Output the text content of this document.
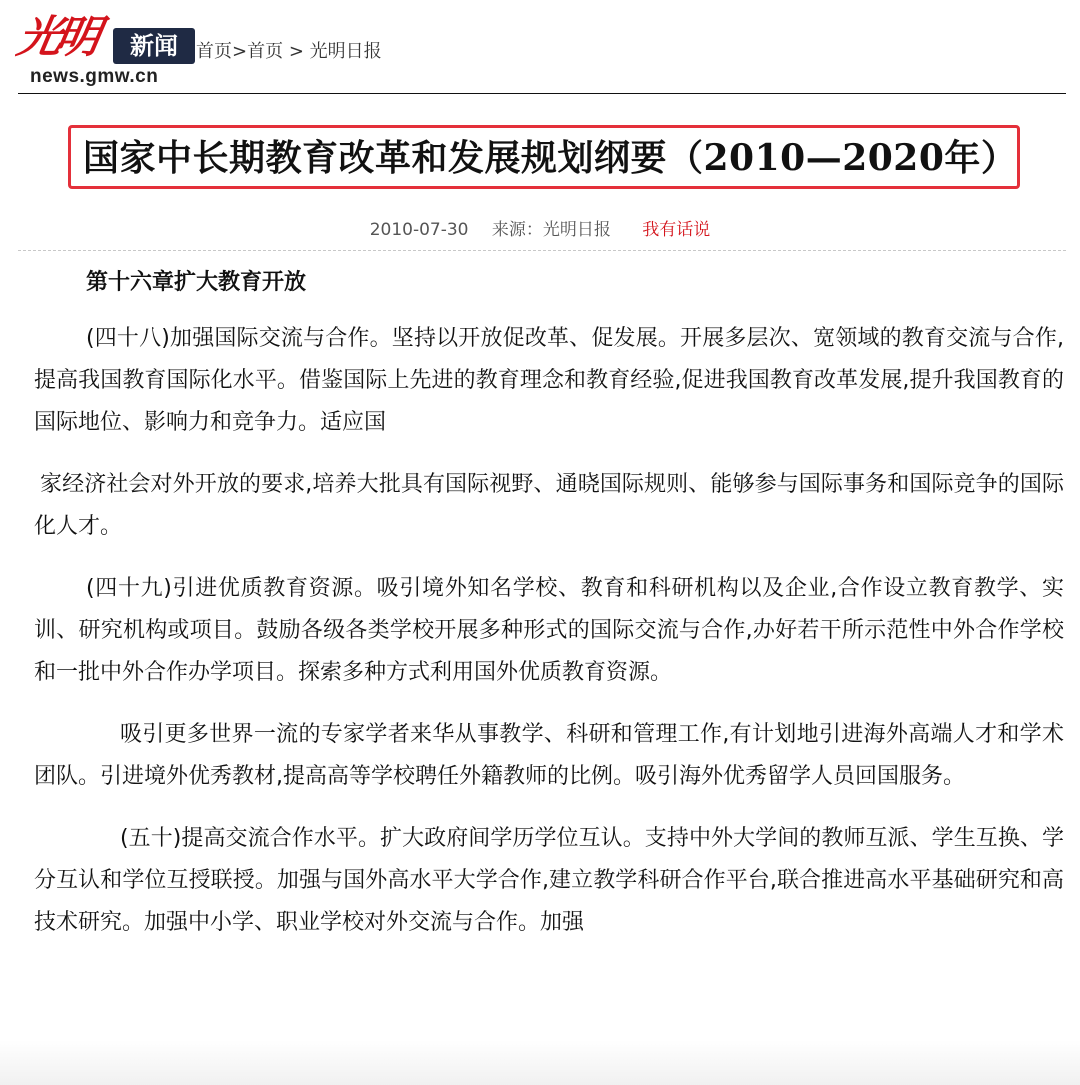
光明	新闻
news.gmw.cn
首页>首页 > 光明日报
国家中长期教育改革和发展规划纲要（2010—2020年）
2010-07-30 来源：光明日报 我有话说
第十六章扩大教育开放

(四十八)加强国际交流与合作。坚持以开放促改革、促发展。开展多层次、宽领域的教育交流与合作,提高我国教育国际化水平。借鉴国际上先进的教育理念和教育经验,促进我国教育改革发展,提升我国教育的国际地位、影响力和竞争力。适应国

家经济社会对外开放的要求,培养大批具有国际视野、通晓国际规则、能够参与国际事务和国际竞争的国际化人才。

(四十九)引进优质教育资源。吸引境外知名学校、教育和科研机构以及企业,合作设立教育教学、实训、研究机构或项目。鼓励各级各类学校开展多种形式的国际交流与合作,办好若干所示范性中外合作学校和一批中外合作办学项目。探索多种方式利用国外优质教育资源。

吸引更多世界一流的专家学者来华从事教学、科研和管理工作,有计划地引进海外高端人才和学术团队。引进境外优秀教材,提高高等学校聘任外籍教师的比例。吸引海外优秀留学人员回国服务。

(五十)提高交流合作水平。扩大政府间学历学位互认。支持中外大学间的教师互派、学生互换、学分互认和学位互授联授。加强与国外高水平大学合作,建立教学科研合作平台,联合推进高水平基础研究和高技术研究。加强中小学、职业学校对外交流与合作。加强
